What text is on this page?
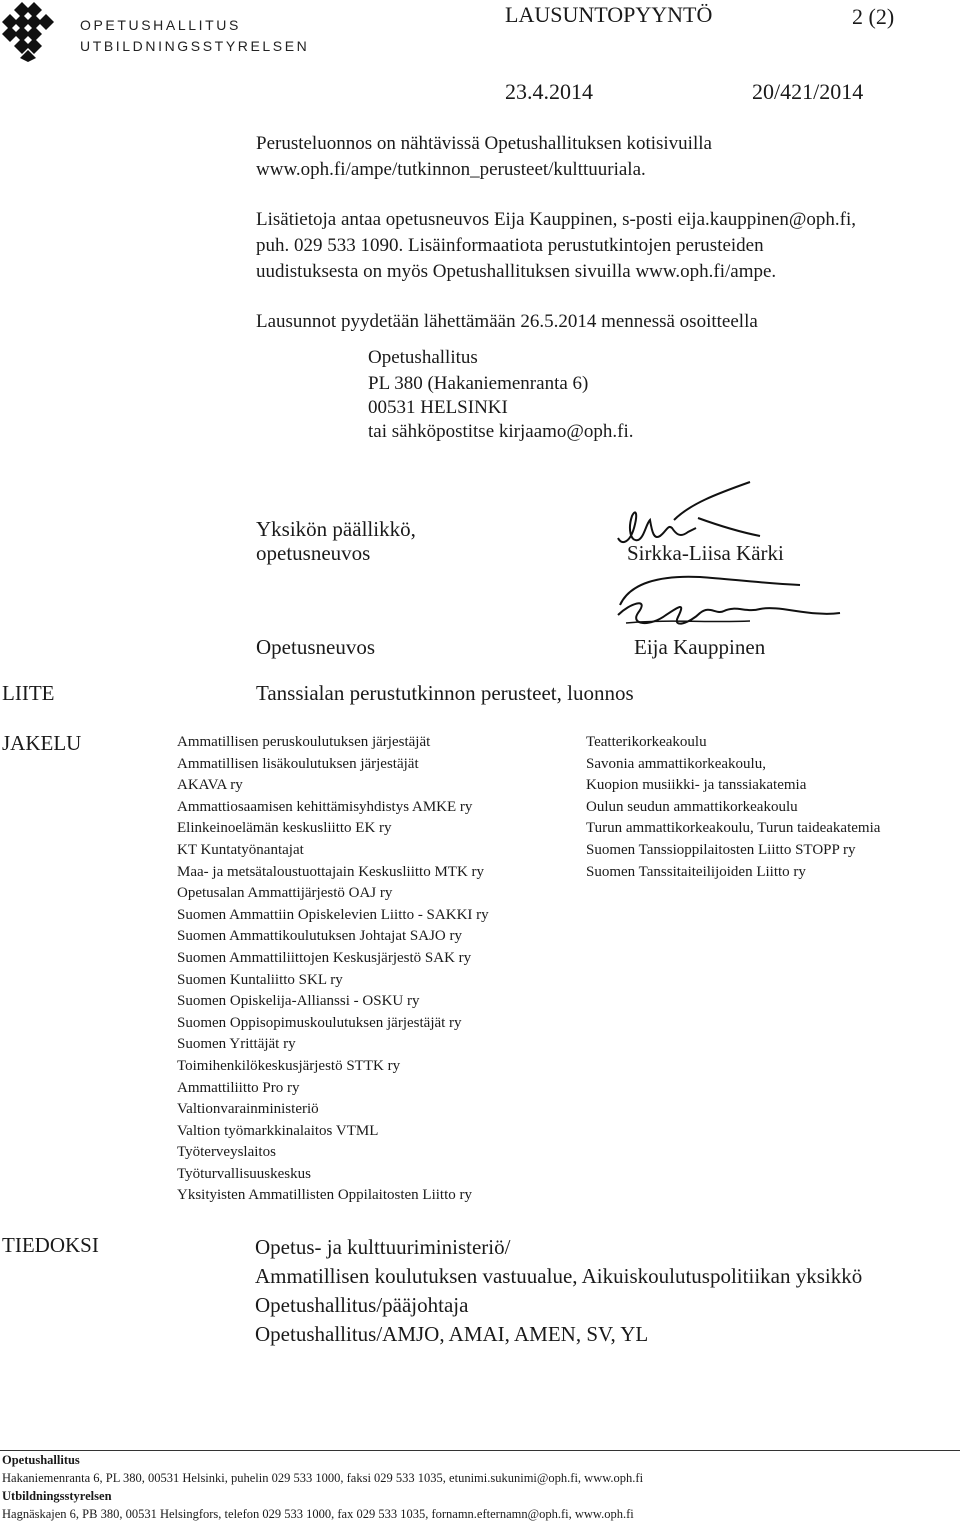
OPETUSHALLITUS
UTBILDNINGSSTYRELSEN
LAUSUNTOPYYNTÖ	2 (2)
23.4.2014	20/421/2014
Perusteluonnos on nähtävissä Opetushallituksen kotisivuilla
www.oph.fi/ampe/tutkinnon_perusteet/kulttuuriala.
Lisätietoja antaa opetusneuvos Eija Kauppinen, s-posti eija.kauppinen@oph.fi,
puh. 029 533 1090. Lisäinformaatiota perustutkintojen perusteiden
uudistuksesta on myös Opetushallituksen sivuilla www.oph.fi/ampe.
Lausunnot pyydetään lähettämään 26.5.2014 mennessä osoitteella
Opetushallitus
PL 380 (Hakaniemenranta 6)
00531 HELSINKI
tai sähköpostitse kirjaamo@oph.fi.
Yksikön päällikkö,
opetusneuvos	Sirkka-Liisa Kärki
Opetusneuvos	Eija Kauppinen
LIITE	Tanssialan perustutkinnon perusteet, luonnos
JAKELU	Ammatillisen peruskoulutuksen järjestäjät
Ammatillisen lisäkoulutuksen järjestäjät
AKAVA ry
Ammattiosaamisen kehittämisyhdistys AMKE ry
Elinkeinoelämän keskusliitto EK ry
KT Kuntatyönantajat
Maa- ja metsätaloustuottajain Keskusliitto MTK ry
Opetusalan Ammattijärjestö OAJ ry
Suomen Ammattiin Opiskelevien Liitto - SAKKI ry
Suomen Ammattikoulutuksen Johtajat SAJO ry
Suomen Ammattiliittojen Keskusjärjestö SAK ry
Suomen Kuntaliitto SKL ry
Suomen Opiskelija-Allianssi - OSKU ry
Suomen Oppisopimuskoulutuksen järjestäjät ry
Suomen Yrittäjät ry
Toimihenkilökeskusjärjestö STTK ry
Ammattiliitto Pro ry
Valtionvarainministeriö
Valtion työmarkkinalaitos VTML
Työterveyslaitos
Työturvallisuuskeskus
Yksityisten Ammatillisten Oppilaitosten Liitto ry
Teatterikorkeakoulu
Savonia ammattikorkeakoulu,
Kuopion musiikki- ja tanssiakatemia
Oulun seudun ammattikorkeakoulu
Turun ammattikorkeakoulu, Turun taideakatemia
Suomen Tanssioppilaitosten Liitto STOPP ry
Suomen Tanssitaiteilijoiden Liitto ry
TIEDOKSI	Opetus- ja kulttuuriministeriö/
Ammatillisen koulutuksen vastuualue, Aikuiskoulutuspolitiikan yksikkö
Opetushallitus/pääjohtaja
Opetushallitus/AMJO, AMAI, AMEN, SV, YL
Opetushallitus
Hakaniemenranta 6, PL 380, 00531 Helsinki, puhelin 029 533 1000, faksi 029 533 1035, etunimi.sukunimi@oph.fi, www.oph.fi
Utbildningsstyrelsen
Hagnäskajen 6, PB 380, 00531 Helsingfors, telefon 029 533 1000, fax 029 533 1035, fornamn.efternamn@oph.fi, www.oph.fi
